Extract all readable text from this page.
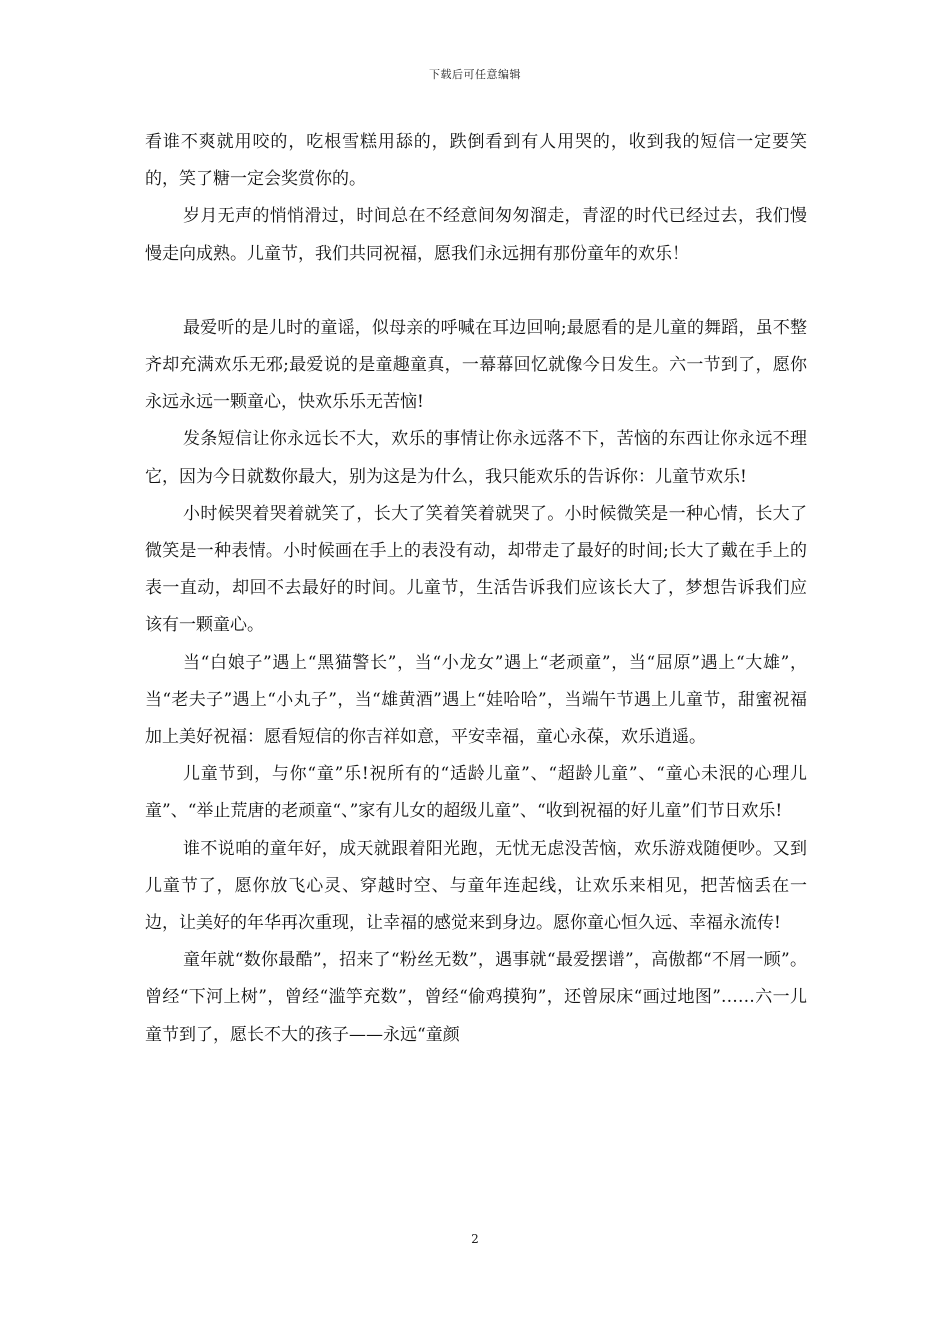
下载后可任意编辑

看谁不爽就用咬的，吃根雪糕用舔的，跌倒看到有人用哭的，收到我的短信一定要笑的，笑了糖一定会奖赏你的。

岁月无声的悄悄滑过，时间总在不经意间匆匆溜走，青涩的时代已经过去，我们慢慢走向成熟。儿童节，我们共同祝福，愿我们永远拥有那份童年的欢乐！

最爱听的是儿时的童谣，似母亲的呼喊在耳边回响;最愿看的是儿童的舞蹈，虽不整齐却充满欢乐无邪;最爱说的是童趣童真，一幕幕回忆就像今日发生。六一节到了，愿你永远永远一颗童心，快欢乐乐无苦恼!

发条短信让你永远长不大，欢乐的事情让你永远落不下，苦恼的东西让你永远不理它，因为今日就数你最大，别为这是为什么，我只能欢乐的告诉你：儿童节欢乐!

小时候哭着哭着就笑了，长大了笑着笑着就哭了。小时候微笑是一种心情，长大了微笑是一种表情。小时候画在手上的表没有动，却带走了最好的时间;长大了戴在手上的表一直动，却回不去最好的时间。儿童节，生活告诉我们应该长大了，梦想告诉我们应该有一颗童心。

当“白娘子”遇上“黑猫警长”，当“小龙女”遇上“老顽童”，当“屈原”遇上“大雄”，当“老夫子”遇上“小丸子”，当“雄黄酒”遇上“娃哈哈”，当端午节遇上儿童节，甜蜜祝福加上美好祝福：愿看短信的你吉祥如意，平安幸福，童心永葆，欢乐逍遥。

儿童节到，与你“童”乐!祝所有的“适龄儿童”、“超龄儿童”、“童心未泯的心理儿童”、“举止荒唐的老顽童“、”家有儿女的超级儿童”、“收到祝福的好儿童”们节日欢乐!

谁不说咱的童年好，成天就跟着阳光跑，无忧无虑没苦恼，欢乐游戏随便吵。又到儿童节了，愿你放飞心灵、穿越时空、与童年连起线，让欢乐来相见，把苦恼丢在一边，让美好的年华再次重现，让幸福的感觉来到身边。愿你童心恒久远、幸福永流传!

童年就“数你最酷”，招来了“粉丝无数”，遇事就“最爱摆谱”，高傲都“不屑一顾”。曾经“下河上树”，曾经“滥竽充数”，曾经“偷鸡摸狗”，还曾尿床“画过地图”……六一儿童节到了，愿长不大的孩子——永远“童颜

2
